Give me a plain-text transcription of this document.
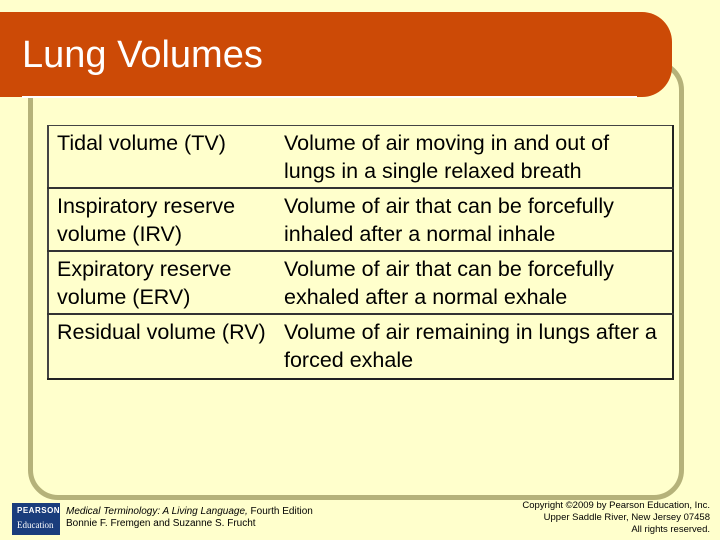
Lung Volumes
Tidal volume (TV)	Volume of air moving in and out of lungs in a single relaxed breath
Inspiratory reserve volume (IRV)	Volume of air that can be forcefully inhaled after a normal inhale
Expiratory reserve volume (ERV)	Volume of air that can be forcefully exhaled after a normal exhale
Residual volume (RV)	Volume of air remaining in lungs after a forced exhale
PEARSON
Education
Medical Terminology: A Living Language, Fourth Edition
Bonnie F. Fremgen and Suzanne S. Frucht
Copyright ©2009 by Pearson Education, Inc.
Upper Saddle River, New Jersey 07458
All rights reserved.
